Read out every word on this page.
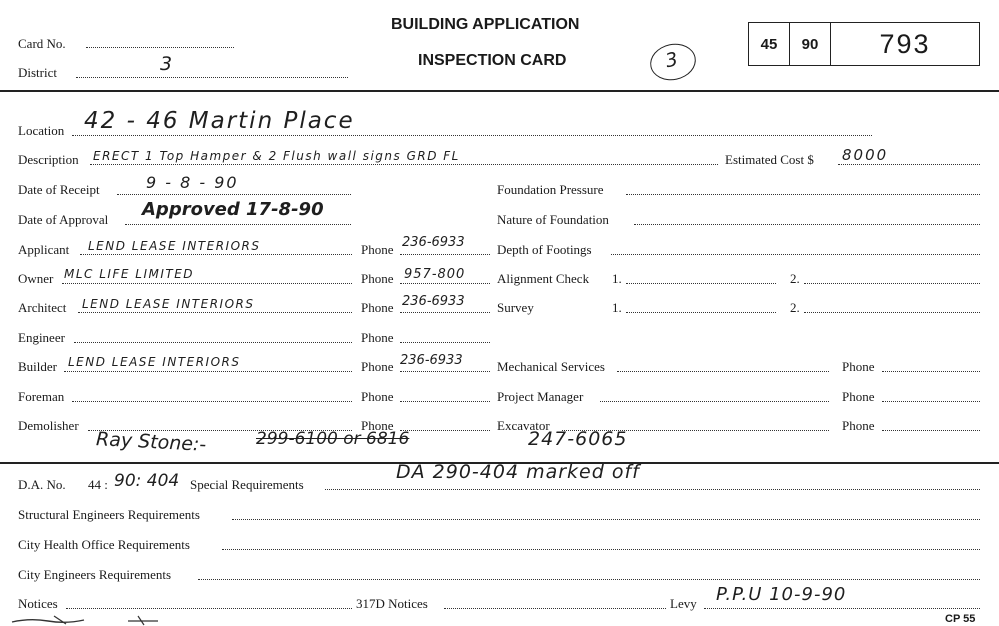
Card No.
District	3
BUILDING APPLICATION
INSPECTION CARD	3
45	90	793
Location 42 - 46 Martin Place
Description ERECT 1 Top Hamper & 2 Flush wall signs GRD FL	Estimated Cost $ 8000
Date of Receipt	9 - 8 - 90
Date of Approval Approved 17-8-90
Applicant LEND LEASE INTERIORS	Phone 236-6933
Owner MLC LIFE LIMITED	Phone 957-800
Architect LEND LEASE INTERIORS	Phone 236-6933
Engineer	Phone
Builder LEND LEASE INTERIORS	Phone 236-6933
Foreman	Phone
Demolisher	Phone
Foundation Pressure
Nature of Foundation
Depth of Footings
Alignment Check 1.	2.
Survey	1.	2.
Mechanical Services	Phone
Project Manager	Phone
Excavator	Phone
Ray Stone:-	299-6100 or 6816	247-6065
D.A. No. 44 : 90: 404 Special Requirements
DA 290-404 marked off
Structural Engineers Requirements
City Health Office Requirements
City Engineers Requirements
Notices	317D Notices	Levy P.P.U 10-9-90
CP 55
